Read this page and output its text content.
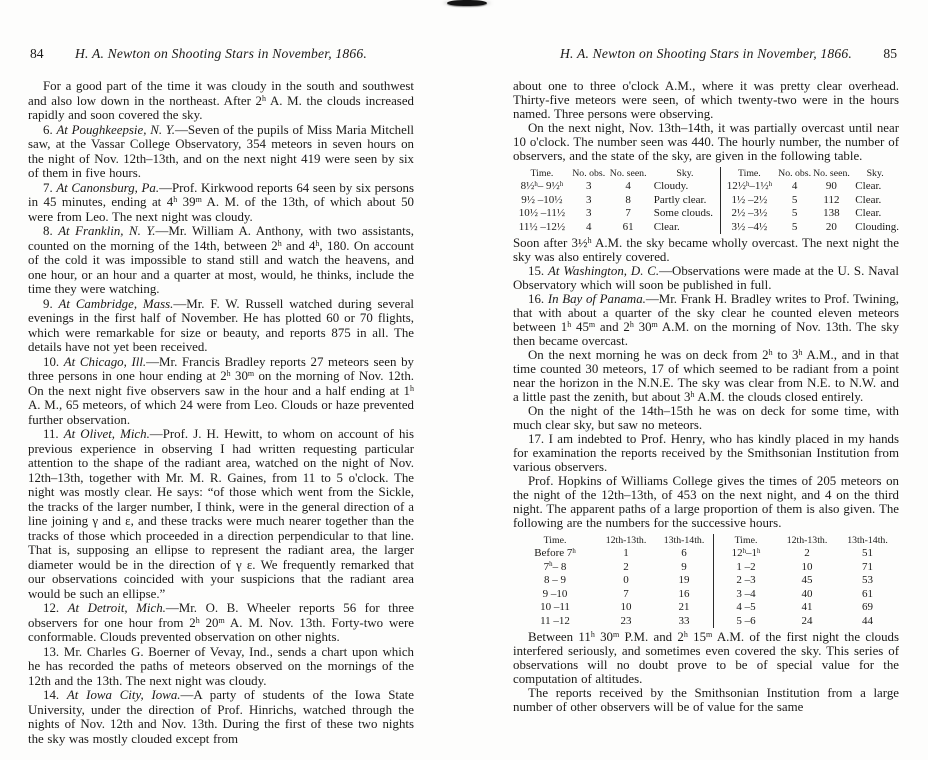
84	H. A. Newton on Shooting Stars in November, 1866.

For a good part of the time it was cloudy in the south and southwest and also low down in the northeast. After 2$^h$ A. M. the clouds increased rapidly and soon covered the sky.

6. At Poughkeepsie, N. Y.—Seven of the pupils of Miss Maria Mitchell saw, at the Vassar College Observatory, 354 meteors in seven hours on the night of Nov. 12th–13th, and on the next night 419 were seen by six of them in five hours.

7. At Canonsburg, Pa.—Prof. Kirkwood reports 64 seen by six persons in 45 minutes, ending at 4$^h$ 39$^m$ A. M. of the 13th, of which about 50 were from Leo. The next night was cloudy.

8. At Franklin, N. Y.—Mr. William A. Anthony, with two assistants, counted on the morning of the 14th, between 2$^h$ and 4$^h$, 180. On account of the cold it was impossible to stand still and watch the heavens, and one hour, or an hour and a quarter at most, would, he thinks, include the time they were watching.

9. At Cambridge, Mass.—Mr. F. W. Russell watched during several evenings in the first half of November. He has plotted 60 or 70 flights, which were remarkable for size or beauty, and reports 875 in all. The details have not yet been received.

10. At Chicago, Ill.—Mr. Francis Bradley reports 27 meteors seen by three persons in one hour ending at 2$^h$ 30$^m$ on the morning of Nov. 12th. On the next night five observers saw in the hour and a half ending at 1$^h$ A. M., 65 meteors, of which 24 were from Leo. Clouds or haze prevented further observation.

11. At Olivet, Mich.—Prof. J. H. Hewitt, to whom on account of his previous experience in observing I had written requesting particular attention to the shape of the radiant area, watched on the night of Nov. 12th–13th, together with Mr. M. R. Gaines, from 11 to 5 o'clock. The night was mostly clear. He says: “of those which went from the Sickle, the tracks of the larger number, I think, were in the general direction of a line joining γ and ε, and these tracks were much nearer together than the tracks of those which proceeded in a direction perpendicular to that line. That is, supposing an ellipse to represent the radiant area, the larger diameter would be in the direction of γ ε. We frequently remarked that our observations coincided with your suspicions that the radiant area would be such an ellipse.”

12. At Detroit, Mich.—Mr. O. B. Wheeler reports 56 for three observers for one hour from 2$^h$ 20$^m$ A. M. Nov. 13th. Forty-two were conformable. Clouds prevented observation on other nights.

13. Mr. Charles G. Boerner of Vevay, Ind., sends a chart upon which he has recorded the paths of meteors observed on the mornings of the 12th and the 13th. The next night was cloudy.

14. At Iowa City, Iowa.—A party of students of the Iowa State University, under the direction of Prof. Hinrichs, watched through the nights of Nov. 12th and Nov. 13th. During the first of these two nights the sky was mostly clouded except from

H. A. Newton on Shooting Stars in November, 1866.	85

about one to three o'clock A.M., where it was pretty clear overhead. Thirty-five meteors were seen, of which twenty-two were in the hours named. Three persons were observing.

On the next night, Nov. 13th–14th, it was partially overcast until near 10 o'clock. The number seen was 440. The hourly number, the number of observers, and the state of the sky, are given in the following table.

Time.	No. obs.	No. seen.	Sky.	Time.	No. obs.	No. seen.	Sky.
8½$^h$– 9½$^h$	3	4	Cloudy.	12½$^h$–1½$^h$	4	90	Clear.
9½ –10½	3	8	Partly clear.	1½ –2½	5	112	Clear.
10½ –11½	3	7	Some clouds.	2½ –3½	5	138	Clear.
11½ –12½	4	61	Clear.	3½ –4½	5	20	Clouding.

Soon after 3½$^h$ A.M. the sky became wholly overcast. The next night the sky was also entirely covered.

15. At Washington, D. C.—Observations were made at the U. S. Naval Observatory which will soon be published in full.

16. In Bay of Panama.—Mr. Frank H. Bradley writes to Prof. Twining, that with about a quarter of the sky clear he counted eleven meteors between 1$^h$ 45$^m$ and 2$^h$ 30$^m$ A.M. on the morning of Nov. 13th. The sky then became overcast.

On the next morning he was on deck from 2$^h$ to 3$^h$ A.M., and in that time counted 30 meteors, 17 of which seemed to be radiant from a point near the horizon in the N.N.E. The sky was clear from N.E. to N.W. and a little past the zenith, but about 3$^h$ A.M. the clouds closed entirely.

On the night of the 14th–15th he was on deck for some time, with much clear sky, but saw no meteors.

17. I am indebted to Prof. Henry, who has kindly placed in my hands for examination the reports received by the Smithsonian Institution from various observers.

Prof. Hopkins of Williams College gives the times of 205 meteors on the night of the 12th–13th, of 453 on the next night, and 4 on the third night. The apparent paths of a large proportion of them is also given. The following are the numbers for the successive hours.

Time.	12th-13th.	13th-14th.	Time.	12th-13th.	13th-14th.
Before 7$^h$	1	6	12$^h$–1$^h$	2	51
7$^h$– 8	2	9	1 –2	10	71
8 – 9	0	19	2 –3	45	53
9 –10	7	16	3 –4	40	61
10 –11	10	21	4 –5	41	69
11 –12	23	33	5 –6	24	44

Between 11$^h$ 30$^m$ P.M. and 2$^h$ 15$^m$ A.M. of the first night the clouds interfered seriously, and sometimes even covered the sky. This series of observations will no doubt prove to be of special value for the computation of altitudes.

The reports received by the Smithsonian Institution from a large number of other observers will be of value for the same
